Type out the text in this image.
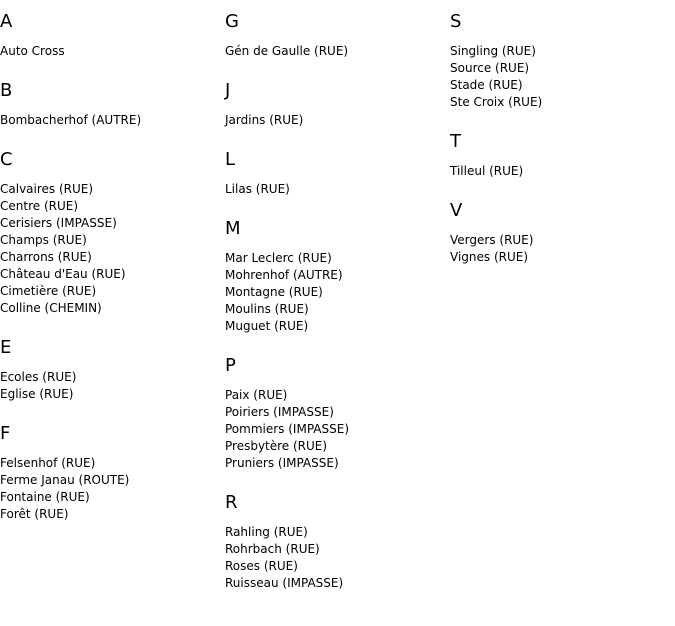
A
Auto Cross
B
Bombacherhof (AUTRE)
C
Calvaires (RUE)
Centre (RUE)
Cerisiers (IMPASSE)
Champs (RUE)
Charrons (RUE)
Château d'Eau (RUE)
Cimetière (RUE)
Colline (CHEMIN)
E
Ecoles (RUE)
Eglise (RUE)
F
Felsenhof (RUE)
Ferme Janau (ROUTE)
Fontaine (RUE)
Forêt (RUE)
G
Gén de Gaulle (RUE)
J
Jardins (RUE)
L
Lilas (RUE)
M
Mar Leclerc (RUE)
Mohrenhof (AUTRE)
Montagne (RUE)
Moulins (RUE)
Muguet (RUE)
P
Paix (RUE)
Poiriers (IMPASSE)
Pommiers (IMPASSE)
Presbytère (RUE)
Pruniers (IMPASSE)
R
Rahling (RUE)
Rohrbach (RUE)
Roses (RUE)
Ruisseau (IMPASSE)
S
Singling (RUE)
Source (RUE)
Stade (RUE)
Ste Croix (RUE)
T
Tilleul (RUE)
V
Vergers (RUE)
Vignes (RUE)
